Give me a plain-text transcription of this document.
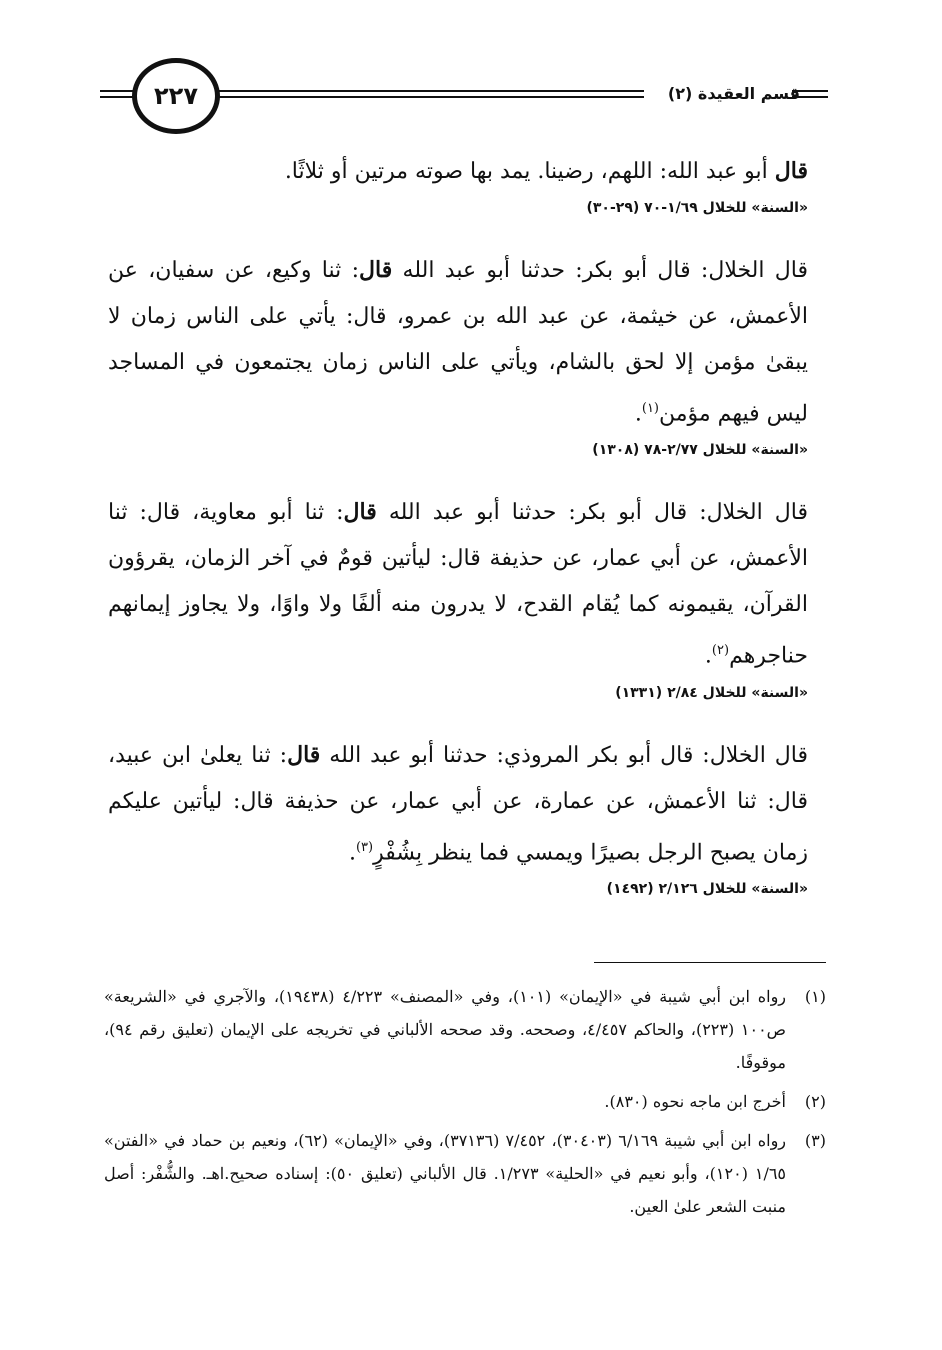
٢٢٧	قسم العقيدة (٢)

قال أبو عبد الله: اللهم، رضينا. يمد بها صوته مرتين أو ثلاثًا.

«السنة» للخلال ١/٦٩-٧٠ (٢٩-٣٠)

قال الخلال: قال أبو بكر: حدثنا أبو عبد الله قال: ثنا وكيع، عن سفيان، عن الأعمش، عن خيثمة، عن عبد الله بن عمرو، قال: يأتي على الناس زمان لا يبقىٰ مؤمن إلا لحق بالشام، ويأتي على الناس زمان يجتمعون في المساجد ليس فيهم مؤمن$^{(١)}$.

«السنة» للخلال ٢/٧٧-٧٨ (١٣٠٨)

قال الخلال: قال أبو بكر: حدثنا أبو عبد الله قال: ثنا أبو معاوية، قال: ثنا الأعمش، عن أبي عمار، عن حذيفة قال: ليأتين قومٌ في آخر الزمان، يقرؤون القرآن، يقيمونه كما يُقام القدح، لا يدرون منه ألفًا ولا واوًا، ولا يجاوز إيمانهم حناجرهم$^{(٢)}$.

«السنة» للخلال ٢/٨٤ (١٣٣١)

قال الخلال: قال أبو بكر المروذي: حدثنا أبو عبد الله قال: ثنا يعلىٰ ابن عبيد، قال: ثنا الأعمش، عن عمارة، عن أبي عمار، عن حذيفة قال: ليأتين عليكم زمان يصبح الرجل بصيرًا ويمسي فما ينظر بِشُفْرٍ$^{(٣)}$.

«السنة» للخلال ٢/١٢٦ (١٤٩٢)
(١)
رواه ابن أبي شيبة في «الإيمان» (١٠١)، وفي «المصنف» ٤/٢٢٣ (١٩٤٣٨)، والآجري في «الشريعة» ص١٠٠ (٢٢٣)، والحاكم ٤/٤٥٧، وصححه. وقد صححه الألباني في تخريجه على الإيمان (تعليق رقم ٩٤)، موقوفًا.
(٢)
أخرج ابن ماجه نحوه (٨٣٠).
(٣)
رواه ابن أبي شيبة ٦/١٦٩ (٣٠٤٠٣)، ٧/٤٥٢ (٣٧١٣٦)، وفي «الإيمان» (٦٢)، ونعيم بن حماد في «الفتن» ١/٦٥ (١٢٠)، وأبو نعيم في «الحلية» ١/٢٧٣. قال الألباني (تعليق ٥٠): إسناده صحيح.اهـ. والشُّفْر: أصل منبت الشعر علىٰ العين.
